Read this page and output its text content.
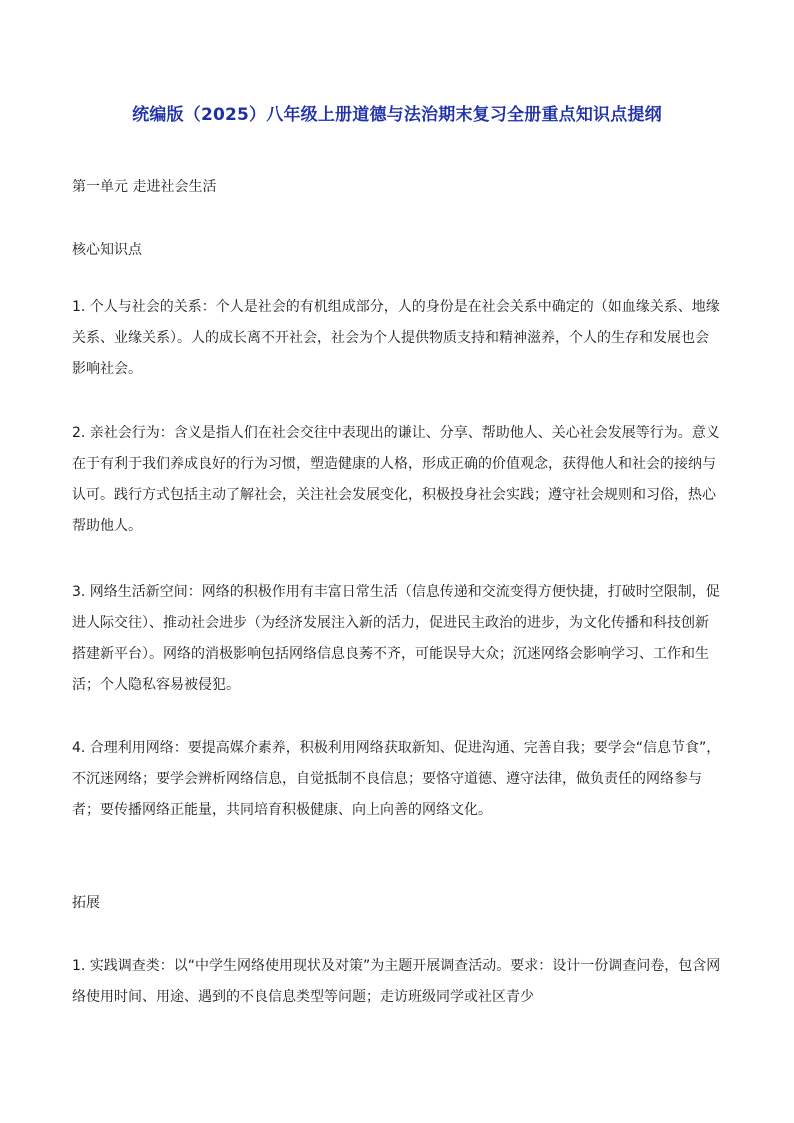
统编版（2025）八年级上册道德与法治期末复习全册重点知识点提纲
第一单元 走进社会生活
核心知识点
1. 个人与社会的关系：个人是社会的有机组成部分，人的身份是在社会关系中确定的（如血缘关系、地缘关系、业缘关系）。人的成长离不开社会，社会为个人提供物质支持和精神滋养，个人的生存和发展也会影响社会。
2. 亲社会行为：含义是指人们在社会交往中表现出的谦让、分享、帮助他人、关心社会发展等行为。意义在于有利于我们养成良好的行为习惯，塑造健康的人格，形成正确的价值观念，获得他人和社会的接纳与认可。践行方式包括主动了解社会，关注社会发展变化，积极投身社会实践；遵守社会规则和习俗，热心帮助他人。
3. 网络生活新空间：网络的积极作用有丰富日常生活（信息传递和交流变得方便快捷，打破时空限制，促进人际交往）、推动社会进步（为经济发展注入新的活力，促进民主政治的进步，为文化传播和科技创新搭建新平台）。网络的消极影响包括网络信息良莠不齐，可能误导大众；沉迷网络会影响学习、工作和生活；个人隐私容易被侵犯。
4. 合理利用网络：要提高媒介素养，积极利用网络获取新知、促进沟通、完善自我；要学会“信息节食”，不沉迷网络；要学会辨析网络信息，自觉抵制不良信息；要恪守道德、遵守法律，做负责任的网络参与者；要传播网络正能量，共同培育积极健康、向上向善的网络文化。
拓展
1. 实践调查类：以“中学生网络使用现状及对策”为主题开展调查活动。要求：设计一份调查问卷，包含网络使用时间、用途、遇到的不良信息类型等问题；走访班级同学或社区青少
